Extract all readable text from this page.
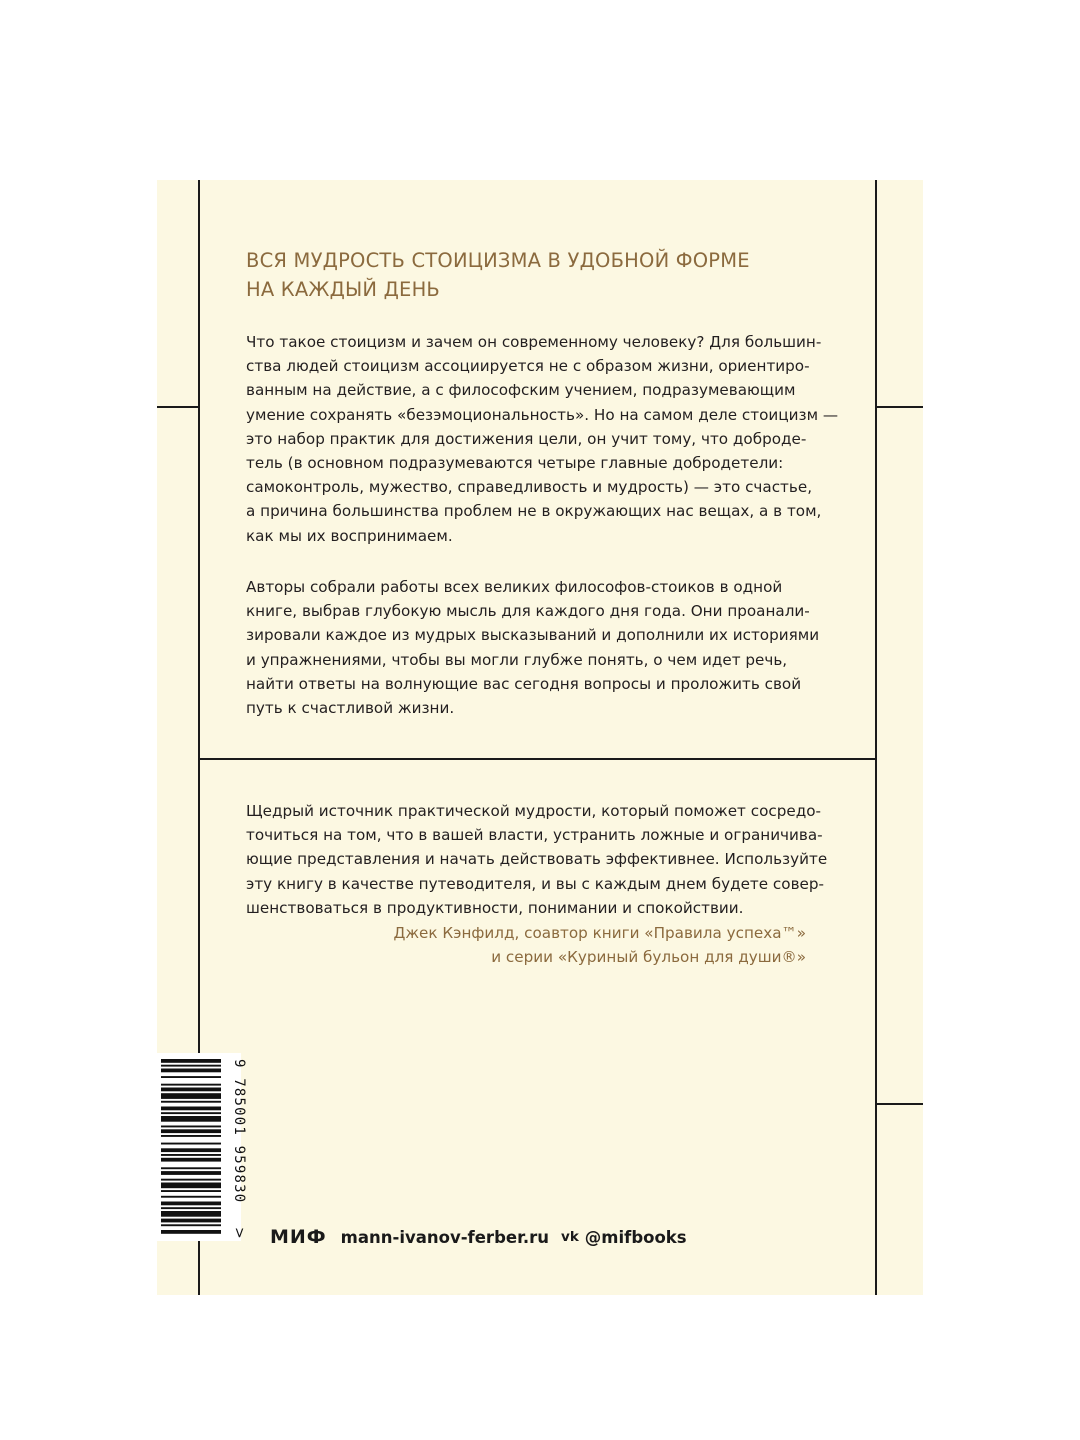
ВСЯ МУДРОСТЬ СТОИЦИЗМА В УДОБНОЙ ФОРМЕ
НА КАЖДЫЙ ДЕНЬ
Что такое стоицизм и зачем он современному человеку? Для большин-
ства людей стоицизм ассоциируется не с образом жизни, ориентиро-
ванным на действие, а с философским учением, подразумевающим
умение сохранять «безэмоциональность». Но на самом деле стоицизм —
это набор практик для достижения цели, он учит тому, что доброде-
тель (в основном подразумеваются четыре главные добродетели:
самоконтроль, мужество, справедливость и мудрость) — это счастье,
а причина большинства проблем не в окружающих нас вещах, а в том,
как мы их воспринимаем.
Авторы собрали работы всех великих философов-стоиков в одной
книге, выбрав глубокую мысль для каждого дня года. Они проанали-
зировали каждое из мудрых высказываний и дополнили их историями
и упражнениями, чтобы вы могли глубже понять, о чем идет речь,
найти ответы на волнующие вас сегодня вопросы и проложить свой
путь к счастливой жизни.
Щедрый источник практической мудрости, который поможет сосредо-
точиться на том, что в вашей власти, устранить ложные и ограничива-
ющие представления и начать действовать эффективнее. Используйте
эту книгу в качестве путеводителя, и вы с каждым днем будете совер-
шенствоваться в продуктивности, понимании и спокойствии.
Джек Кэнфилд, соавтор книги «Правила успеха™»
и серии «Куриный бульон для души®»
9 785001 959830
> МИФ mann-ivanov-ferber.ru vk @mifbooks
